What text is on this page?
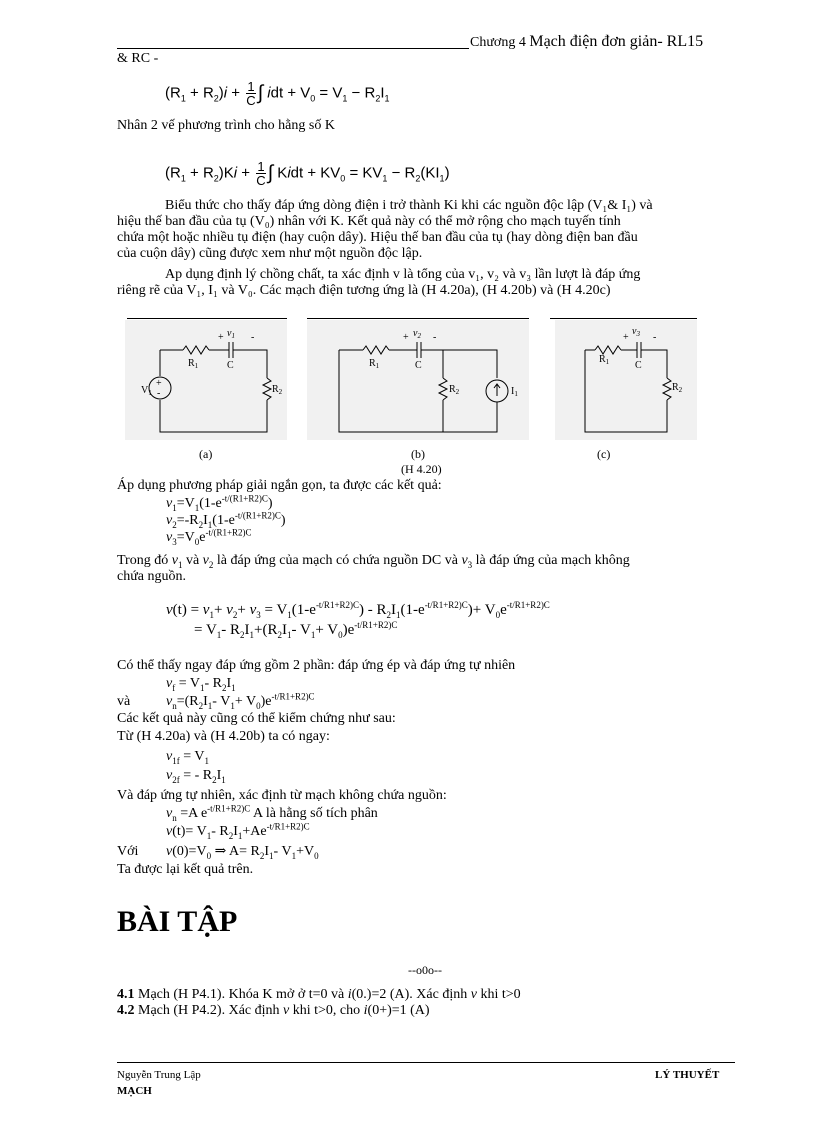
Chương 4 Mạch điện đơn giản- RL15
& RC -
$(R_1 + R_2)i + \frac{1}{C}$ ∫ idt + $V_0 = V_1 - R_2I_1$
Nhân 2 vế phương trình cho hằng số K
$(R_1 + R_2)Ki + \frac{1}{C}$ ∫ Kidt + $KV_0 = KV_1 - R_2(KI_1)$
Biểu thức cho thấy đáp ứng dòng điện i trở thành Ki khi các nguồn độc lập (V₁& I₁) và
hiệu thế ban đầu của tụ (V₀) nhân với K. Kết quả này có thể mở rộng cho mạch tuyến tính
chứa một hoặc nhiều tụ điện (hay cuộn dây). Hiệu thế ban đầu của tụ (hay dòng điện ban đầu
của cuộn dây) cũng được xem như một nguồn độc lập.
Ap dụng định lý chồng chất, ta xác định v là tổng của v₁, v₂ và v₃ lần lượt là đáp ứng
riêng rẽ của V₁, I₁ và V₀. Các mạch điện tương ứng là (H 4.20a), (H 4.20b) và (H 4.20c)
+
-
$V_1$
$R_1$	C
+ $v_1$ -
$R_2$
$R_1$	C
+ $v_2$ -
$R_2$	$I_1$
$R_1$	C
+
$v_3$ -
$R_2$
(a)	(b)	(c)
(H 4.20)
Áp dụng phương pháp giải ngắn gọn, ta được các kết quả:
$v_1=V_1(1-e^{-t/(R1+R2)C})$
$v_2=-R_2I_1(1-e^{-t/(R1+R2)C})$
$v_3=V_0e^{-t/(R1+R2)C}$
Trong đó $v_1$ và $v_2$ là đáp ứng của mạch có chứa nguồn DC và $v_3$ là đáp ứng của mạch không
chứa nguồn.
$v(t) = v_1+ v_2+ v_3 = V_1(1-e^{-t/R1+R2)C}) - R_2I_1(1-e^{-t/R1+R2)C})+ V_0e^{-t/R1+R2)C}$
= $V_1-$ $R_2I_1+(R_2I_1-$ $V_1+ V_0)e^{-t/R1+R2)C}$
Có thể thấy ngay đáp ứng gồm 2 phần: đáp ứng ép và đáp ứng tự nhiên
$v_f = V_1-$ $R_2I_1$
và	$v_n=(R_2I_1-$ $V_1+ V_0)e^{-t/R1+R2)C}$
Các kết quả này cũng có thể kiểm chứng như sau:
Từ (H 4.20a) và (H 4.20b) ta có ngay:
$v_{1f} = V_1$
$v_{2f}$ = - $R_2I_1$
Và đáp ứng tự nhiên, xác định từ mạch không chứa nguồn:
$v_n =A$ $e^{-t/R1+R2)C}$ A là hằng số tích phân
$v(t)= V_1-$ $R_2I_1+Ae^{-t/R1+R2)C}$
Với $v(0)=V_0$ ⇒ $A= R_2I_1-$ $V_1+V_0$
Ta được lại kết quả trên.
BÀI TẬP
--o0o--
4.1 Mạch (H P4.1). Khóa K mở ở t=0 và i(0.)=2 (A). Xác định v khi t>0
4.2 Mạch (H P4.2). Xác định v khi t>0, cho i(0+)=1 (A)
Nguyễn Trung Lập	LÝ THUYẾT
MẠCH
